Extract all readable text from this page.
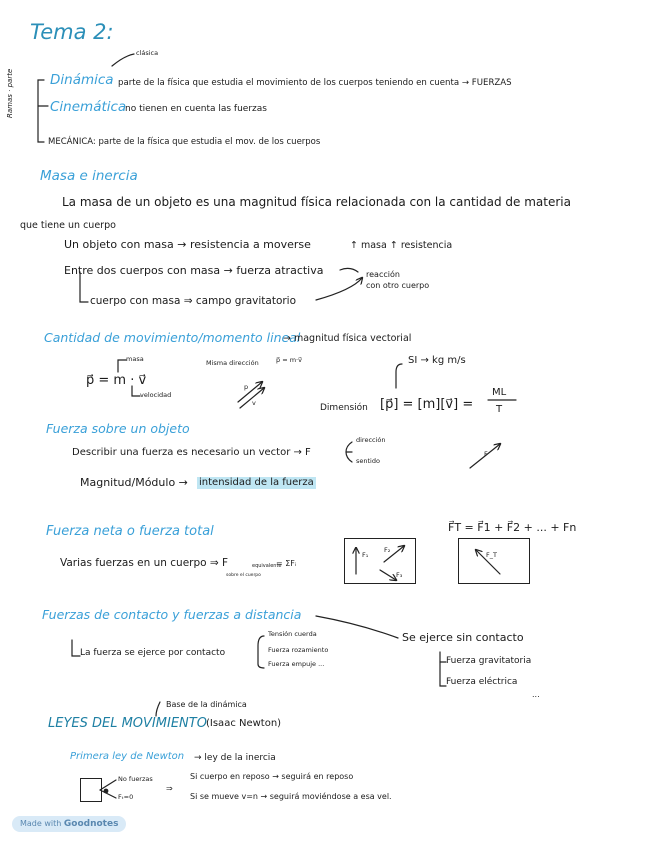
Tema 2:
Ramas · parte
clásica
Dinámica parte de la física que estudia el movimiento de los cuerpos teniendo en cuenta → FUERZAS
Cinemática
no tienen en cuenta las fuerzas
MECÁNICA: parte de la física que estudia el mov. de los cuerpos
Masa e inercia
La masa de un objeto es una magnitud física relacionada con la cantidad de materia
que tiene un cuerpo
Un objeto con masa → resistencia a moverse	↑ masa ↑ resistencia
Entre dos cuerpos con masa → fuerza atractiva	reacción
con otro cuerpo
cuerpo con masa ⇒ campo gravitatorio
Cantidad de movimiento/momento lineal
→ magnitud física vectorial
masa
p⃗ = m · v⃗
velocidad
Misma dirección	p⃗ = m·v⃗
p
v
SI → kg m/s
Dimensión [p⃗] = [m][v⃗] =
ML
T
Fuerza sobre un objeto
Describir una fuerza es necesario un vector → F
dirección
sentido
Magnitud/Módulo → intensidad de la fuerza
F
Fuerza neta o fuerza total	F⃗T = F⃗1 + F⃗2 + ... + Fn
Varias fuerzas en un cuerpo ⇒ F	equivalente
sobre el cuerpo
= ΣFᵢ
F₁
F₂
F₃
F_T
Fuerzas de contacto y fuerzas a distancia
La fuerza se ejerce por contacto
Tensión cuerda
Fuerza rozamiento
Fuerza empuje ...
Se ejerce sin contacto
Fuerza gravitatoria
Fuerza eléctrica
...
Base de la dinámica
LEYES DEL MOVIMIENTO (Isaac Newton)
Primera ley de Newton → ley de la inercia
No fuerzas
Fₜ=0
⇒
Si cuerpo en reposo → seguirá en reposo
Si se mueve v=n → seguirá moviéndose a esa vel.
Made with Goodnotes
